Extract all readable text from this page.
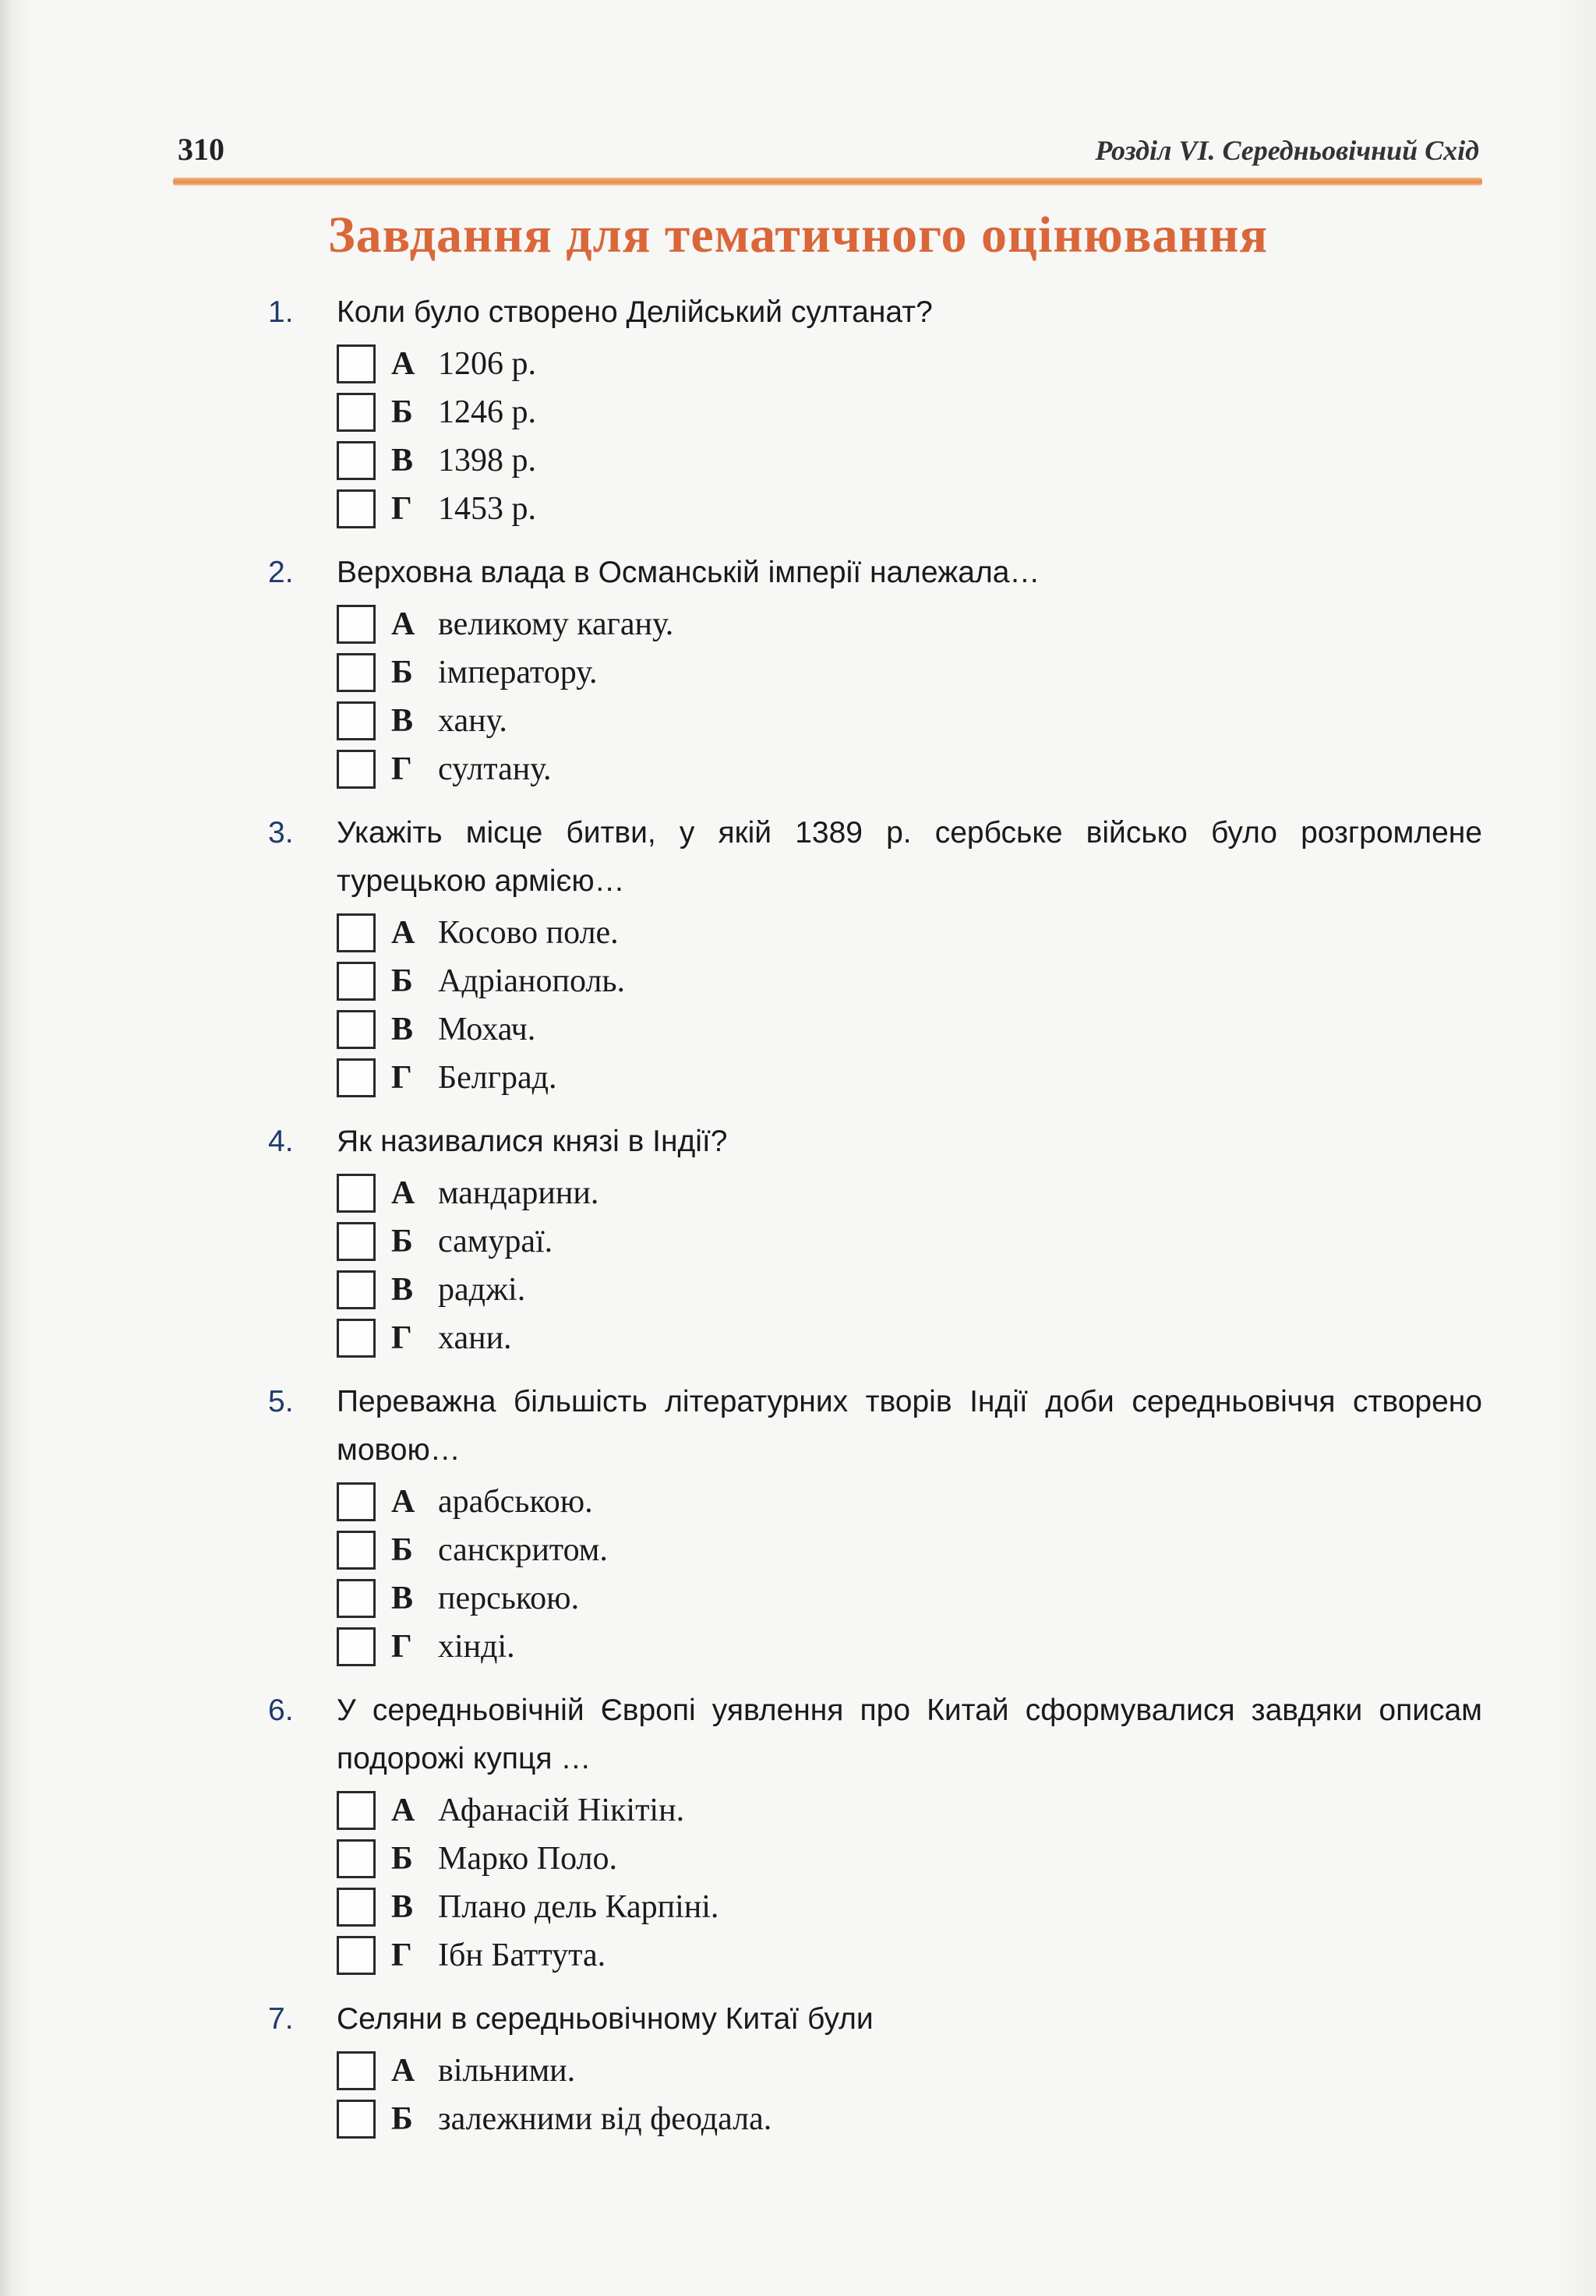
310	Розділ VI. Середньовічний Схід
Завдання для тематичного оцінювання
1.	Коли було створено Делійський султанат?
А 1206 р.
Б 1246 р.
В 1398 р.
Г 1453 р.
2.	Верховна влада в Османській імперії належала…
А великому кагану.
Б імператору.
В хану.
Г султану.
3.	Укажіть місце битви, у якій 1389 р. сербське військо було розгромлене турецькою армією…
А Косово поле.
Б Адріанополь.
В Мохач.
Г Белград.
4.	Як називалися князі в Індії?
А мандарини.
Б самураї.
В раджі.
Г хани.
5.	Переважна більшість літературних творів Індії доби середньовіччя створено мовою…
А арабською.
Б санскритом.
В перською.
Г хінді.
6.	У середньовічній Європі уявлення про Китай сформувалися завдяки описам подорожі купця …
А Афанасій Нікітін.
Б Марко Поло.
В Плано дель Карпіні.
Г Ібн Баттута.
7.	Селяни в середньовічному Китаї були
А вільними.
Б залежними від феодала.
